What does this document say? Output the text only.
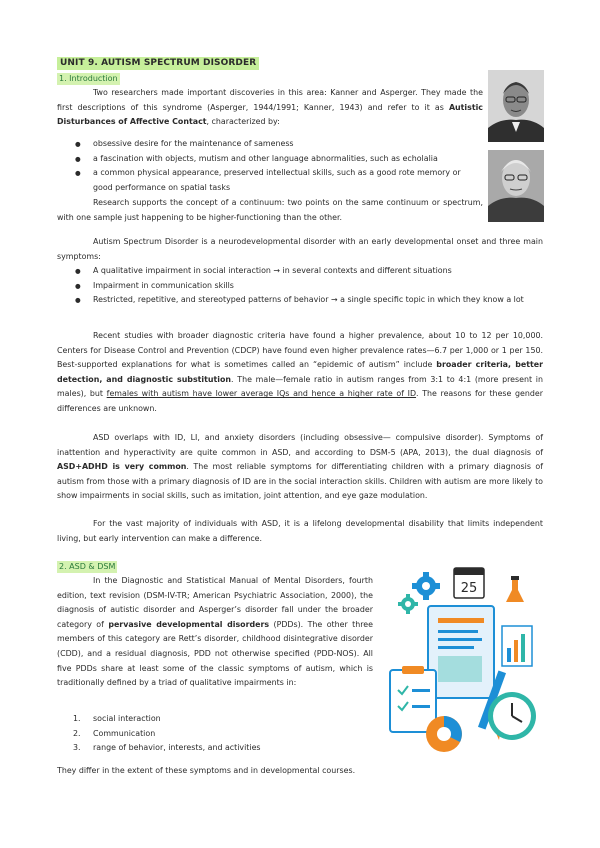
UNIT 9. AUTISM SPECTRUM DISORDER
1. Introduction

Two researchers made important discoveries in this area: Kanner and Asperger. They made the first descriptions of this syndrome (Asperger, 1944/1991; Kanner, 1943) and refer to it as Autistic Disturbances of Affective Contact, characterized by:

● obsessive desire for the maintenance of sameness
● a fascination with objects, mutism and other language abnormalities, such as echolalia
● a common physical appearance, preserved intellectual skills, such as a good rote memory or good performance on spatial tasks

Research supports the concept of a continuum: two points on the same continuum or spectrum, with one sample just happening to be higher-functioning than the other.

Autism Spectrum Disorder is a neurodevelopmental disorder with an early developmental onset and three main symptoms:

● A qualitative impairment in social interaction → in several contexts and different situations
● Impairment in communication skills
● Restricted, repetitive, and stereotyped patterns of behavior → a single specific topic in which they know a lot

Recent studies with broader diagnostic criteria have found a higher prevalence, about 10 to 12 per 10,000. Centers for Disease Control and Prevention (CDCP) have found even higher prevalence rates—6.7 per 1,000 or 1 per 150. Best-supported explanations for what is sometimes called an “epidemic of autism” include broader criteria, better detection, and diagnostic substitution. The male—female ratio in autism ranges from 3:1 to 4:1 (more present in males), but females with autism have lower average IQs and hence a higher rate of ID. The reasons for these gender differences are unknown.

ASD overlaps with ID, LI, and anxiety disorders (including obsessive— compulsive disorder). Symptoms of inattention and hyperactivity are quite common in ASD, and according to DSM-5 (APA, 2013), the dual diagnosis of ASD+ADHD is very common. The most reliable symptoms for differentiating children with a primary diagnosis of autism from those with a primary diagnosis of ID are in the social interaction skills. Children with autism are more likely to show impairments in social skills, such as imitation, joint attention, and eye gaze modulation.

For the vast majority of individuals with ASD, it is a lifelong developmental disability that limits independent living, but early intervention can make a difference.

2. ASD & DSM

In the Diagnostic and Statistical Manual of Mental Disorders, fourth edition, text revision (DSM-IV-TR; American Psychiatric Association, 2000), the diagnosis of autistic disorder and Asperger’s disorder fall under the broader category of pervasive developmental disorders (PDDs). The other three members of this category are Rett’s disorder, childhood disintegrative disorder (CDD), and a residual diagnosis, PDD not otherwise specified (PDD-NOS). All five PDDs share at least some of the classic symptoms of autism, which is traditionally defined by a triad of qualitative impairments in:

1. social interaction
2. Communication
3. range of behavior, interests, and activities

They differ in the extent of these symptoms and in developmental courses.

25
